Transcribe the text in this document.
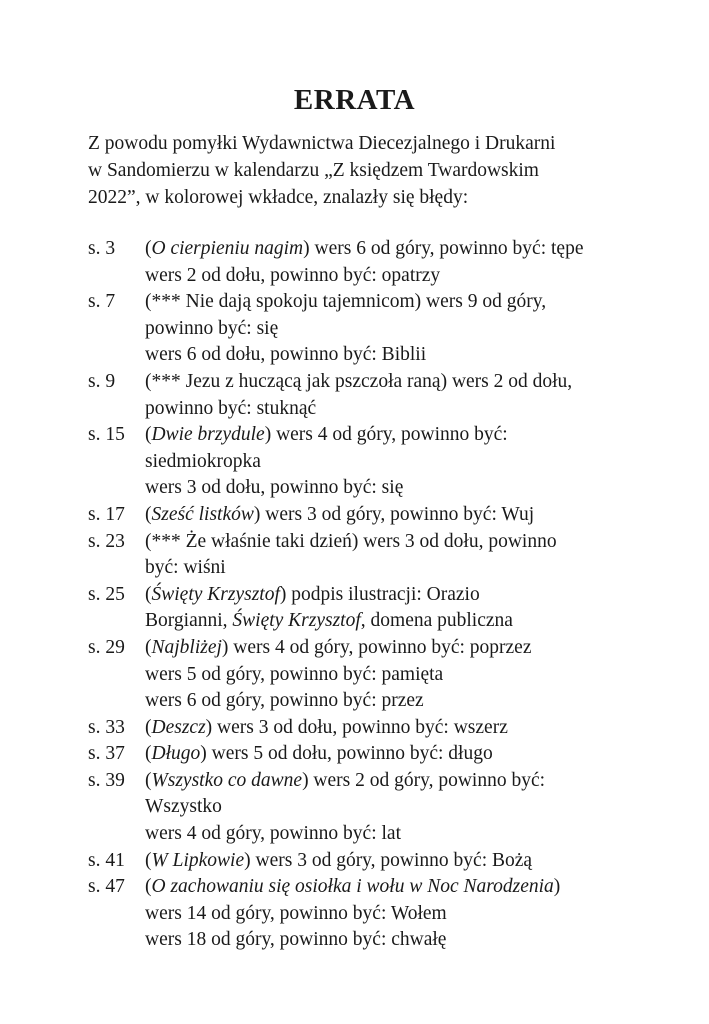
ERRATA

Z powodu pomyłki Wydawnictwa Diecezjalnego i Drukarni
w Sandomierzu w kalendarzu „Z księdzem Twardowskim
2022”, w kolorowej wkładce, znalazły się błędy:

s. 3	(O cierpieniu nagim) wers 6 od góry, powinno być: tępe
wers 2 od dołu, powinno być: opatrzy
s. 7	(*** Nie dają spokoju tajemnicom) wers 9 od góry,
powinno być: się
wers 6 od dołu, powinno być: Biblii
s. 9	(*** Jezu z huczącą jak pszczoła raną) wers 2 od dołu,
powinno być: stuknąć
s. 15	(Dwie brzydule) wers 4 od góry, powinno być:
siedmiokropka
wers 3 od dołu, powinno być: się
s. 17	(Sześć listków) wers 3 od góry, powinno być: Wuj
s. 23	(*** Że właśnie taki dzień) wers 3 od dołu, powinno
być: wiśni
s. 25	(Święty Krzysztof) podpis ilustracji: Orazio
Borgianni, Święty Krzysztof, domena publiczna
s. 29	(Najbliżej) wers 4 od góry, powinno być: poprzez
wers 5 od góry, powinno być: pamięta
wers 6 od góry, powinno być: przez
s. 33	(Deszcz) wers 3 od dołu, powinno być: wszerz
s. 37	(Długo) wers 5 od dołu, powinno być: długo
s. 39	(Wszystko co dawne) wers 2 od góry, powinno być:
Wszystko
wers 4 od góry, powinno być: lat
s. 41	(W Lipkowie) wers 3 od góry, powinno być: Bożą
s. 47	(O zachowaniu się osiołka i wołu w Noc Narodzenia)
wers 14 od góry, powinno być: Wołem
wers 18 od góry, powinno być: chwałę
